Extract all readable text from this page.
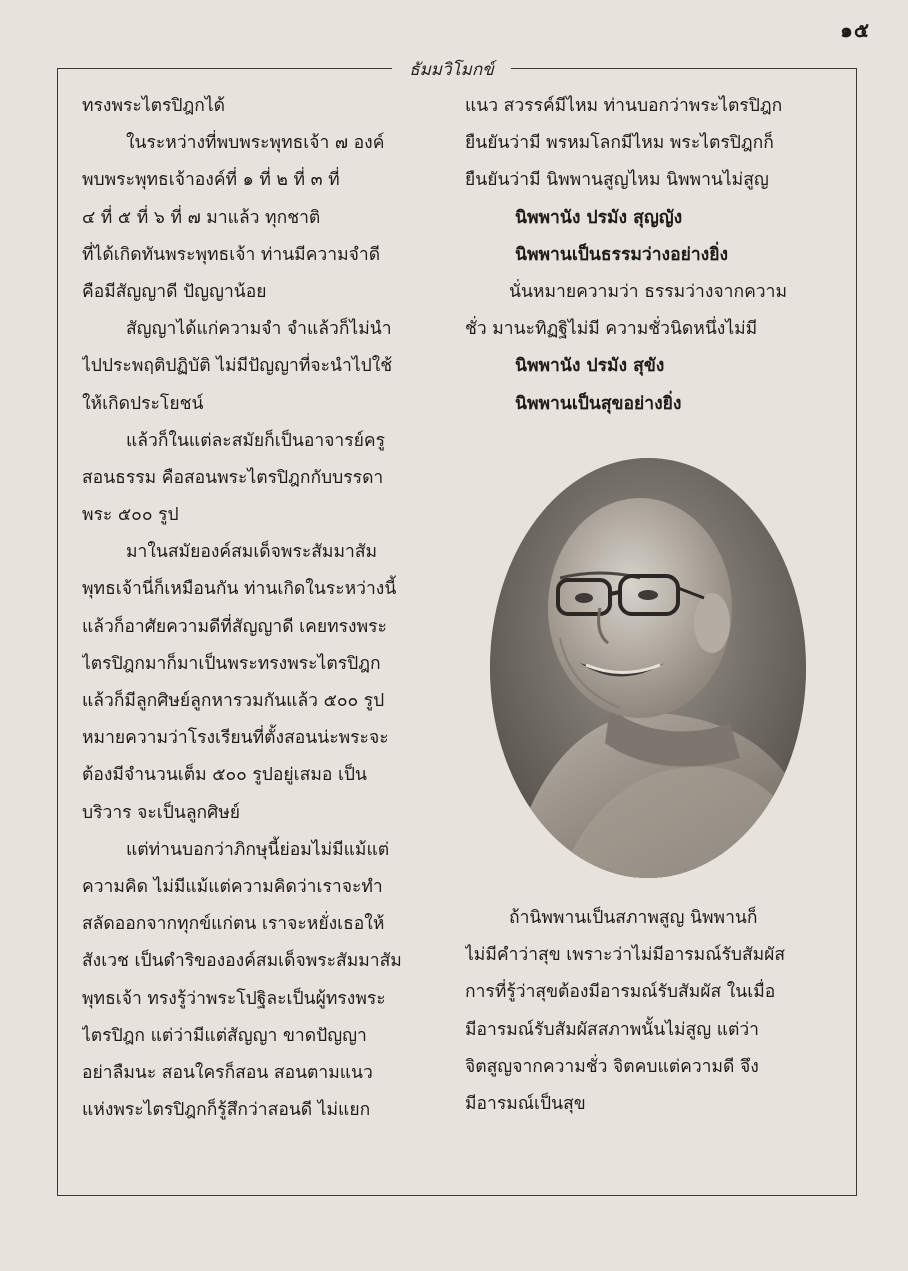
๑๕
ธัมมวิโมกข์
ทรงพระไตรปิฎกได้
ในระหว่างที่พบพระพุทธเจ้า ๗ องค์
พบพระพุทธเจ้าองค์ที่ ๑ ที่ ๒ ที่ ๓ ที่
๔ ที่ ๕ ที่ ๖ ที่ ๗ มาแล้ว ทุกชาติ
ที่ได้เกิดทันพระพุทธเจ้า ท่านมีความจำดี
คือมีสัญญาดี ปัญญาน้อย
สัญญาได้แก่ความจำ จำแล้วก็ไม่นำ
ไปประพฤติปฏิบัติ ไม่มีปัญญาที่จะนำไปใช้
ให้เกิดประโยชน์
แล้วก็ในแต่ละสมัยก็เป็นอาจารย์ครู
สอนธรรม คือสอนพระไตรปิฎกกับบรรดา
พระ ๕๐๐ รูป
มาในสมัยองค์สมเด็จพระสัมมาสัม
พุทธเจ้านี่ก็เหมือนกัน ท่านเกิดในระหว่างนี้
แล้วก็อาศัยความดีที่สัญญาดี เคยทรงพระ
ไตรปิฎกมาก็มาเป็นพระทรงพระไตรปิฎก
แล้วก็มีลูกศิษย์ลูกหารวมกันแล้ว ๕๐๐ รูป
หมายความว่าโรงเรียนที่ตั้งสอนน่ะพระจะ
ต้องมีจำนวนเต็ม ๕๐๐ รูปอยู่เสมอ เป็น
บริวาร จะเป็นลูกศิษย์
แต่ท่านบอกว่าภิกษุนี้ย่อมไม่มีแม้แต่
ความคิด ไม่มีแม้แต่ความคิดว่าเราจะทำ
สลัดออกจากทุกข์แก่ตน เราจะหยั่งเธอให้
สังเวช เป็นดำริขององค์สมเด็จพระสัมมาสัม
พุทธเจ้า ทรงรู้ว่าพระโปฐิละเป็นผู้ทรงพระ
ไตรปิฎก แต่ว่ามีแต่สัญญา ขาดปัญญา
อย่าลืมนะ สอนใครก็สอน สอนตามแนว
แห่งพระไตรปิฎกก็รู้สึกว่าสอนดี ไม่แยก
แนว สวรรค์มีไหม ท่านบอกว่าพระไตรปิฎก
ยืนยันว่ามี พรหมโลกมีไหม พระไตรปิฎกก็
ยืนยันว่ามี นิพพานสูญไหม นิพพานไม่สูญ
นิพพานัง ปรมัง สุญญัง
นิพพานเป็นธรรมว่างอย่างยิ่ง
นั่นหมายความว่า ธรรมว่างจากความ
ชั่ว มานะทิฏฐิไม่มี ความชั่วนิดหนึ่งไม่มี
นิพพานัง ปรมัง สุขัง
นิพพานเป็นสุขอย่างยิ่ง
ถ้านิพพานเป็นสภาพสูญ นิพพานก็
ไม่มีคำว่าสุข เพราะว่าไม่มีอารมณ์รับสัมผัส
การที่รู้ว่าสุขต้องมีอารมณ์รับสัมผัส ในเมื่อ
มีอารมณ์รับสัมผัสสภาพนั้นไม่สูญ แต่ว่า
จิตสูญจากความชั่ว จิตคบแต่ความดี จึง
มีอารมณ์เป็นสุข
